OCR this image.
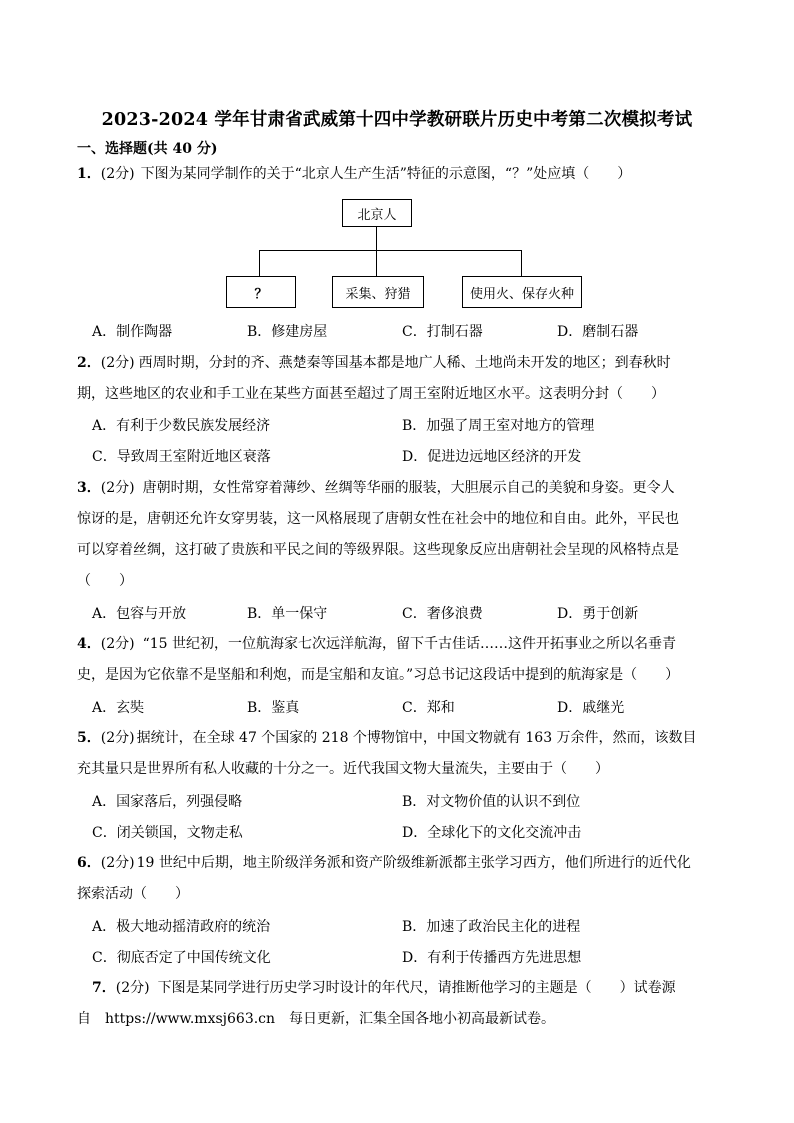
2023-2024 学年甘肃省武威第十四中学教研联片历史中考第二次模拟考试
一、选择题(共 40 分)
1．(2分) 下图为某同学制作的关于“北京人生产生活”特征的示意图，“？”处应填（　　）
北京人
？	采集、狩猎	使用火、保存火种
A．制作陶器	B．修建房屋	C．打制石器	D．磨制石器
2．(2分) 西周时期，分封的齐、燕楚秦等国基本都是地广人稀、土地尚未开发的地区；到春秋时
期，这些地区的农业和手工业在某些方面甚至超过了周王室附近地区水平。这表明分封（　　）
A．有利于少数民族发展经济	B．加强了周王室对地方的管理
C．导致周王室附近地区衰落	D．促进边远地区经济的开发
3．(2分) 唐朝时期，女性常穿着薄纱、丝绸等华丽的服装，大胆展示自己的美貌和身姿。更令人
惊讶的是，唐朝还允许女穿男装，这一风格展现了唐朝女性在社会中的地位和自由。此外，平民也
可以穿着丝绸，这打破了贵族和平民之间的等级界限。这些现象反应出唐朝社会呈现的风格特点是
（　　）
A．包容与开放	B．单一保守	C．奢侈浪费	D．勇于创新
4．(2分) “15 世纪初，一位航海家七次远洋航海，留下千古佳话……这件开拓事业之所以名垂青
史，是因为它依靠不是坚船和利炮，而是宝船和友谊。”习总书记这段话中提到的航海家是（　　）
A．玄奘	B．鉴真	C．郑和	D．戚继光
5．(2分) 据统计，在全球 47 个国家的 218 个博物馆中，中国文物就有 163 万余件，然而，该数目
充其量只是世界所有私人收藏的十分之一。近代我国文物大量流失，主要由于（　　）
A．国家落后，列强侵略	B．对文物价值的认识不到位
C．闭关锁国，文物走私	D．全球化下的文化交流冲击
6．(2分) 19 世纪中后期，地主阶级洋务派和资产阶级维新派都主张学习西方，他们所进行的近代化
探索活动（　　）
A．极大地动摇清政府的统治	B．加速了政治民主化的进程
C．彻底否定了中国传统文化	D．有利于传播西方先进思想
7．(2分) 下图是某同学进行历史学习时设计的年代尺，请推断他学习的主题是（　　）试卷源
自　https://www.mxsj663.cn　每日更新，汇集全国各地小初高最新试卷。
